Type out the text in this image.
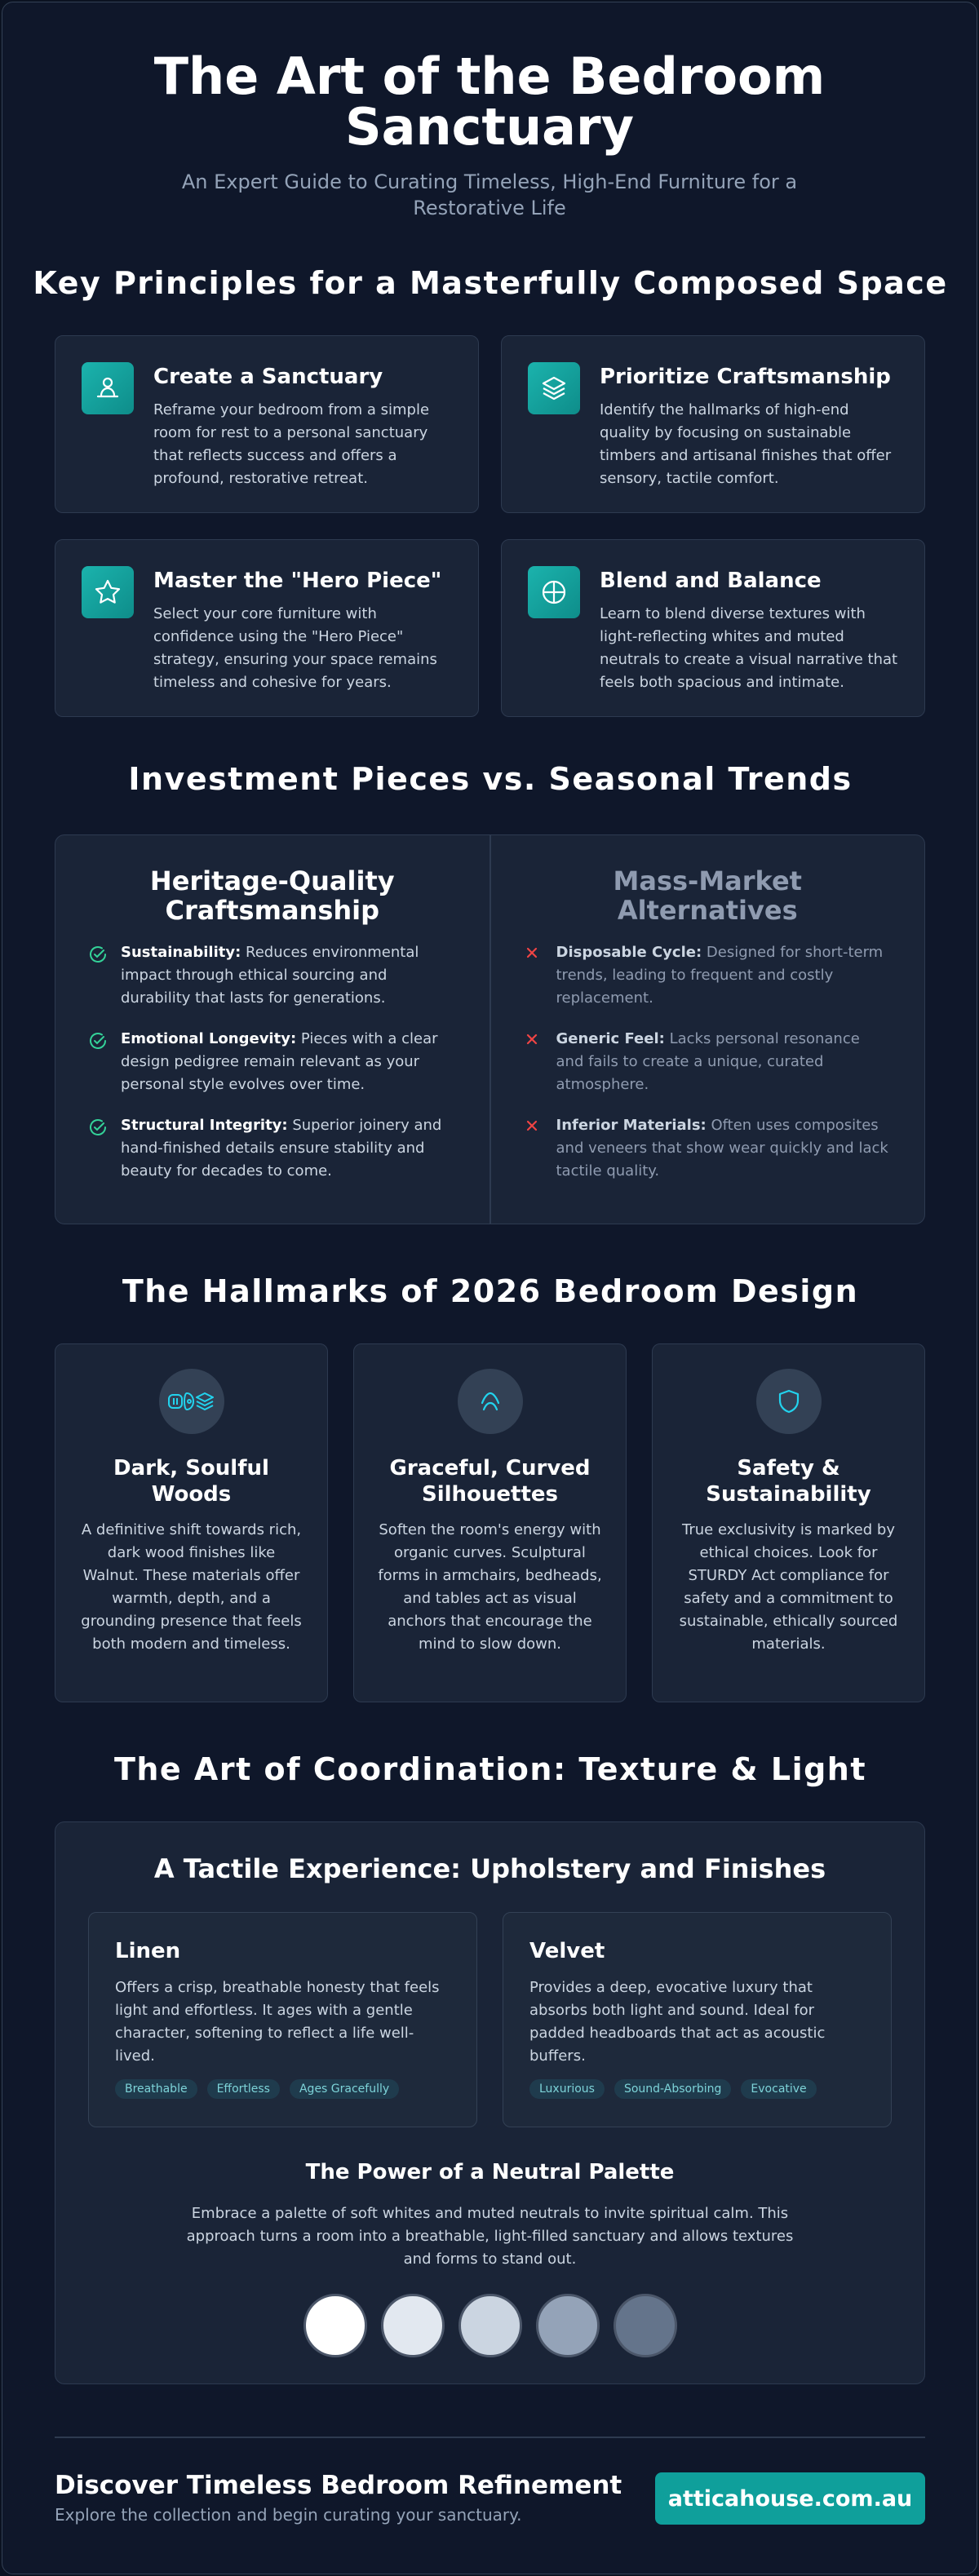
The Art of the Bedroom Sanctuary

An Expert Guide to Curating Timeless, High-End Furniture for a Restorative Life

Key Principles for a Masterfully Composed Space
Create a Sanctuary

Reframe your bedroom from a simple room for rest to a personal sanctuary that reflects success and offers a profound, restorative retreat.

Prioritize Craftsmanship

Identify the hallmarks of high-end quality by focusing on sustainable timbers and artisanal finishes that offer sensory, tactile comfort.

Master the "Hero Piece"

Select your core furniture with confidence using the "Hero Piece" strategy, ensuring your space remains timeless and cohesive for years.

Blend and Balance

Learn to blend diverse textures with light-reflecting whites and muted neutrals to create a visual narrative that feels both spacious and intimate.

Investment Pieces vs. Seasonal Trends
Heritage-Quality Craftsmanship

Sustainability: Reduces environmental impact through ethical sourcing and durability that lasts for generations.

Emotional Longevity: Pieces with a clear design pedigree remain relevant as your personal style evolves over time.

Structural Integrity: Superior joinery and hand-finished details ensure stability and beauty for decades to come.

Mass-Market Alternatives

Disposable Cycle: Designed for short-term trends, leading to frequent and costly replacement.

Generic Feel: Lacks personal resonance and fails to create a unique, curated atmosphere.

Inferior Materials: Often uses composites and veneers that show wear quickly and lack tactile quality.

The Hallmarks of 2026 Bedroom Design
Dark, Soulful Woods

A definitive shift towards rich, dark wood finishes like Walnut. These materials offer warmth, depth, and a grounding presence that feels both modern and timeless.

Graceful, Curved Silhouettes

Soften the room's energy with organic curves. Sculptural forms in armchairs, bedheads, and tables act as visual anchors that encourage the mind to slow down.

Safety & Sustainability

True exclusivity is marked by ethical choices. Look for STURDY Act compliance for safety and a commitment to sustainable, ethically sourced materials.

The Art of Coordination: Texture & Light
A Tactile Experience: Upholstery and Finishes
Linen

Offers a crisp, breathable honesty that feels light and effortless. It ages with a gentle character, softening to reflect a life well-lived.

Breathable	Effortless	Ages Gracefully
Velvet

Provides a deep, evocative luxury that absorbs both light and sound. Ideal for padded headboards that act as acoustic buffers.

Luxurious	Sound-Absorbing	Evocative
The Power of a Neutral Palette

Embrace a palette of soft whites and muted neutrals to invite spiritual calm. This approach turns a room into a breathable, light-filled sanctuary and allows textures and forms to stand out.

Discover Timeless Bedroom Refinement

Explore the collection and begin curating your sanctuary.

atticahouse.com.au
